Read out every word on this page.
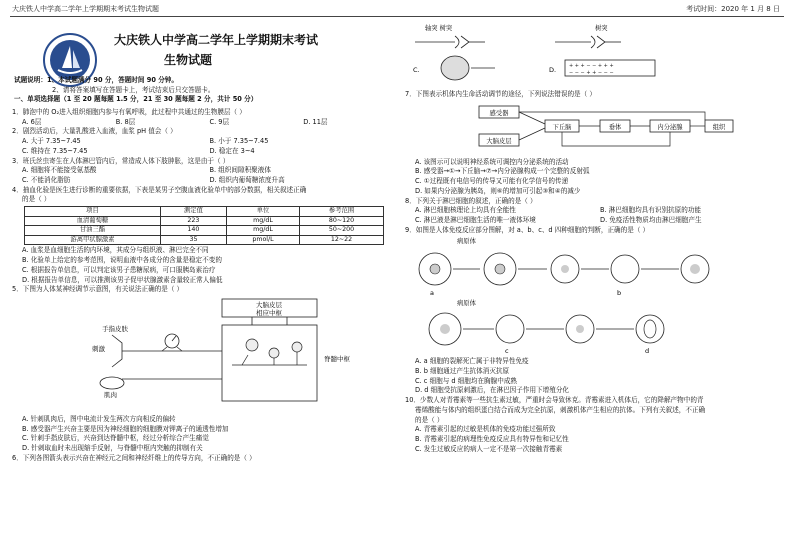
大庆铁人中学高二学年上学期期末考试生物试题	考试时间：2020 年 1 月 8 日
大庆铁人中学高二学年上学期期末考试
生物试题
试题说明：1、本试题满分 90 分，答题时间 90 分钟。
2、请将答案填写在答题卡上，考试结束后只交答题卡。
一、单项选择题（1 至 20 题每题 1.5 分，21 至 30 题每题 2 分，共计 50 分）
1．肺泡中的 O₂进入组织细胞内参与有氧呼吸，此过程中共通过的生物膜层（ ）
A. 6层	B. 8层	C. 9层	D. 11层
2．剧烈活动后，大量乳酸进入血液，血浆 pH 值会（ ）
A. 大于 7.35~7.45	B. 小于 7.35~7.45
C. 维持在 7.35~7.45	D. 稳定在 3~4
3．班氏丝虫寄生在人体淋巴管内后，常造成人体下肢肿胀，这是由于（ ）
A. 细胞将不能接受氨基酸	B. 组织间隙积聚液体
C. 不能消化脂肪	D. 组织内葡萄糖浓度升高
4．抽血化验是医生进行诊断的重要依据，下表是某男子空腹血液化验单中的部分数据，相关叙述正确
的是（ ）
项目	测定值	单位	参考范围
血清葡萄糖	223	mg/dL	80~120
甘油三酯	140	mg/dL	50~200
游离甲状腺激素	35	pmol/L	12~22
A. 血浆是血细胞生活的内环境，其成分与组织液、淋巴完全不同
B. 化验单上给定的参考范围，说明血液中各成分的含量是稳定不变的
C. 根据报告单信息，可以判定该男子患糖尿病，可口服胰岛素治疗
D. 根据报告单信息，可以推测该男子促甲状腺激素含量较正常人偏低
5．下图为人体某神经调节示意图，有关说法正确的是（ ）
大脑皮层
相应中枢
脊髓中枢
手指皮肤
刺激
肌肉
A. 针刺肌肉后，图中电流计发生两次方向相反的偏转
B. 感受器产生兴奋主要是因为神经细胞的细胞膜对钾离子的通透性增加
C. 针刺手指皮肤后，兴奋到达脊髓中枢，经过分析综合产生痛觉
D. 针刺取血时未出现缩手反射，与脊髓中枢内突触的抑制有关
6．下列各图箭头表示兴奋在神经元之间和神经纤维上的传导方向，不正确的是（ ）
轴突 树突	树突
C.	D.	+ + + − − + + +
− − − + + − − −
7．下图表示机体内生命活动调节的途径，下列说法错误的是（ ）
感受器
大脑皮层
下丘脑	垂体	内分泌腺	组织
A. 该图示可以说明神经系统可调控内分泌系统的活动
B. 感受器→①→下丘脑→⑦→内分泌腺构成一个完整的反射弧
C. ①过程既有电信号的传导又可能有化学信号的传递
D. 如果内分泌腺为胰岛，则⑥的增加可引起③和④的减少
8．下列关于淋巴细胞的叙述，正确的是（ ）
A. 淋巴细胞核理论上均具有全能性	B. 淋巴细胞均具有识别抗原的功能
C. 淋巴液是淋巴细胞生活的唯一液体环境	D. 免疫活性物质均由淋巴细胞产生
9．如图是人体免疫反应部分图解，对 a、b、c、d 四种细胞的判断，正确的是（ ）
病原体
a	b
病原体
c	d
A. a 细胞的裂解死亡属于非特异性免疫
B. b 细胞通过产生抗体消灭抗原
C. c 细胞与 d 细胞均在胸腺中成熟
D. d 细胞受抗原刺激后，在淋巴因子作用下增殖分化
10．少数人对青霉素等一些抗生素过敏，严重时会导致休克。青霉素进入机体后，它的降解产物中的青
霉烯酸能与体内的组织蛋白结合而成为完全抗原，刺激机体产生相应的抗体。下列有关叙述，不正确
的是（ ）
A. 青霉素引起的过敏是机体的免疫功能过强所致
B. 青霉素引起的病理性免疫反应具有特异性和记忆性
C. 发生过敏反应的病人一定不是第一次接触青霉素
